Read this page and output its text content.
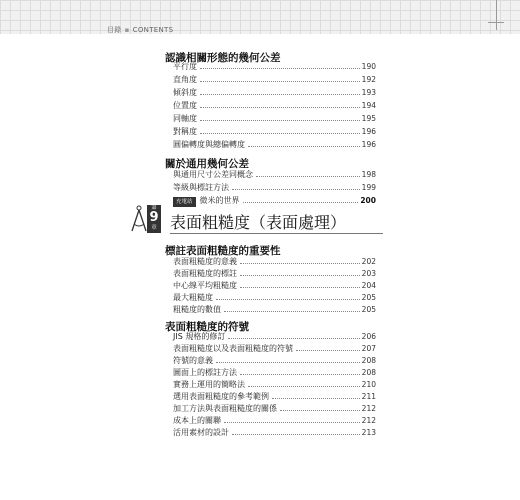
目錄 ▪ CONTENTS
認識相關形態的幾何公差
平行度	190
直角度	192
傾斜度	193
位置度	194
同軸度	195
對稱度	196
圓偏轉度與總偏轉度	196
關於通用幾何公差
與通用尺寸公差同概念	198
等級與標註方法	199
充電站 微米的世界	200
第
9
章 表面粗糙度（表面處理）
標註表面粗糙度的重要性
表面粗糙度的意義	202
表面粗糙度的標註	203
中心線平均粗糙度	204
最大粗糙度	205
粗糙度的數值	205
表面粗糙度的符號
JIS 規格的修訂	206
表面粗糙度以及表面粗糙度的符號	207
符號的意義	208
圖面上的標註方法	208
實務上運用的簡略法	210
選用表面粗糙度的參考範例	211
加工方法與表面粗糙度的關係	212
成本上的關聯	212
活用素材的設計	213
